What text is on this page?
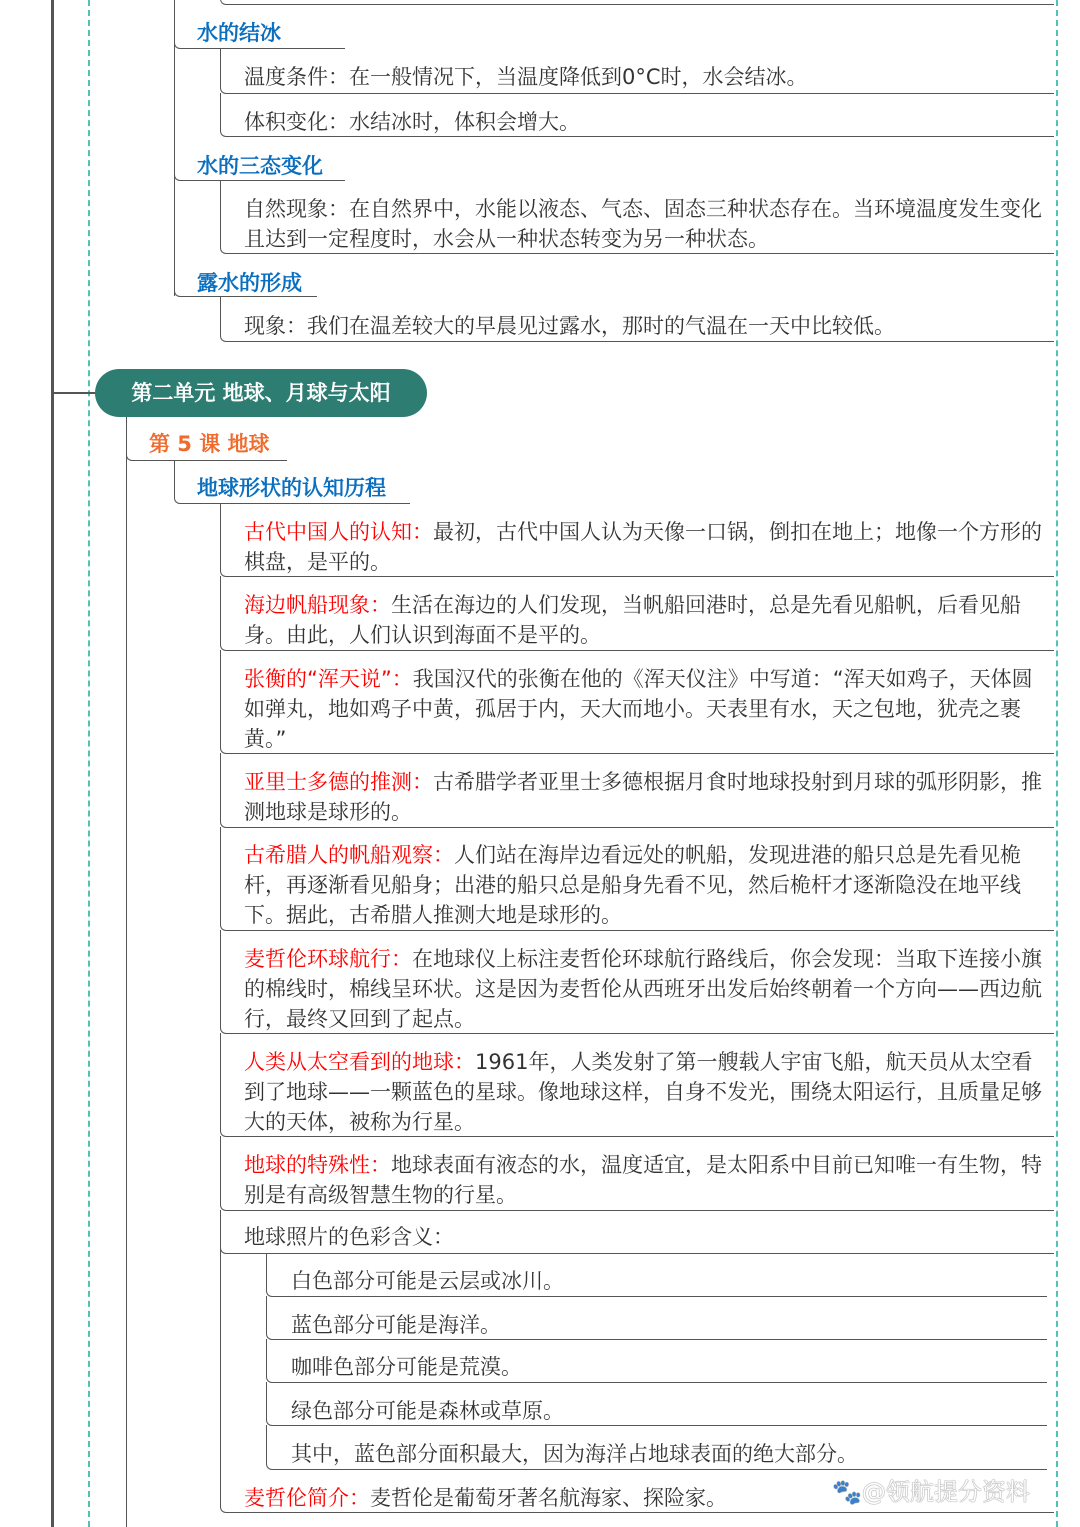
水的结冰
温度条件：在一般情况下，当温度降低到0°C时，水会结冰。
体积变化：水结冰时，体积会增大。
水的三态变化
自然现象：在自然界中，水能以液态、气态、固态三种状态存在。当环境温度发生变化且达到一定程度时，水会从一种状态转变为另一种状态。
露水的形成
现象：我们在温差较大的早晨见过露水，那时的气温在一天中比较低。
第二单元 地球、月球与太阳
第 5 课 地球
地球形状的认知历程
古代中国人的认知：最初，古代中国人认为天像一口锅，倒扣在地上；地像一个方形的棋盘，是平的。
海边帆船现象：生活在海边的人们发现，当帆船回港时，总是先看见船帆，后看见船身。由此，人们认识到海面不是平的。
张衡的“浑天说”：我国汉代的张衡在他的《浑天仪注》中写道：“浑天如鸡子，天体圆如弹丸，地如鸡子中黄，孤居于内，天大而地小。天表里有水，天之包地，犹壳之裹黄。”
亚里士多德的推测：古希腊学者亚里士多德根据月食时地球投射到月球的弧形阴影，推测地球是球形的。
古希腊人的帆船观察：人们站在海岸边看远处的帆船，发现进港的船只总是先看见桅杆，再逐渐看见船身；出港的船只总是船身先看不见，然后桅杆才逐渐隐没在地平线下。据此，古希腊人推测大地是球形的。
麦哲伦环球航行：在地球仪上标注麦哲伦环球航行路线后，你会发现：当取下连接小旗的棉线时，棉线呈环状。这是因为麦哲伦从西班牙出发后始终朝着一个方向——西边航行，最终又回到了起点。
人类从太空看到的地球：1961年，人类发射了第一艘载人宇宙飞船，航天员从太空看到了地球——一颗蓝色的星球。像地球这样，自身不发光，围绕太阳运行，且质量足够大的天体，被称为行星。
地球的特殊性：地球表面有液态的水，温度适宜，是太阳系中目前已知唯一有生物，特别是有高级智慧生物的行星。
地球照片的色彩含义：
白色部分可能是云层或冰川。
蓝色部分可能是海洋。
咖啡色部分可能是荒漠。
绿色部分可能是森林或草原。
其中，蓝色部分面积最大，因为海洋占地球表面的绝大部分。
麦哲伦简介：麦哲伦是葡萄牙著名航海家、探险家。	🐾@领航提分资料
